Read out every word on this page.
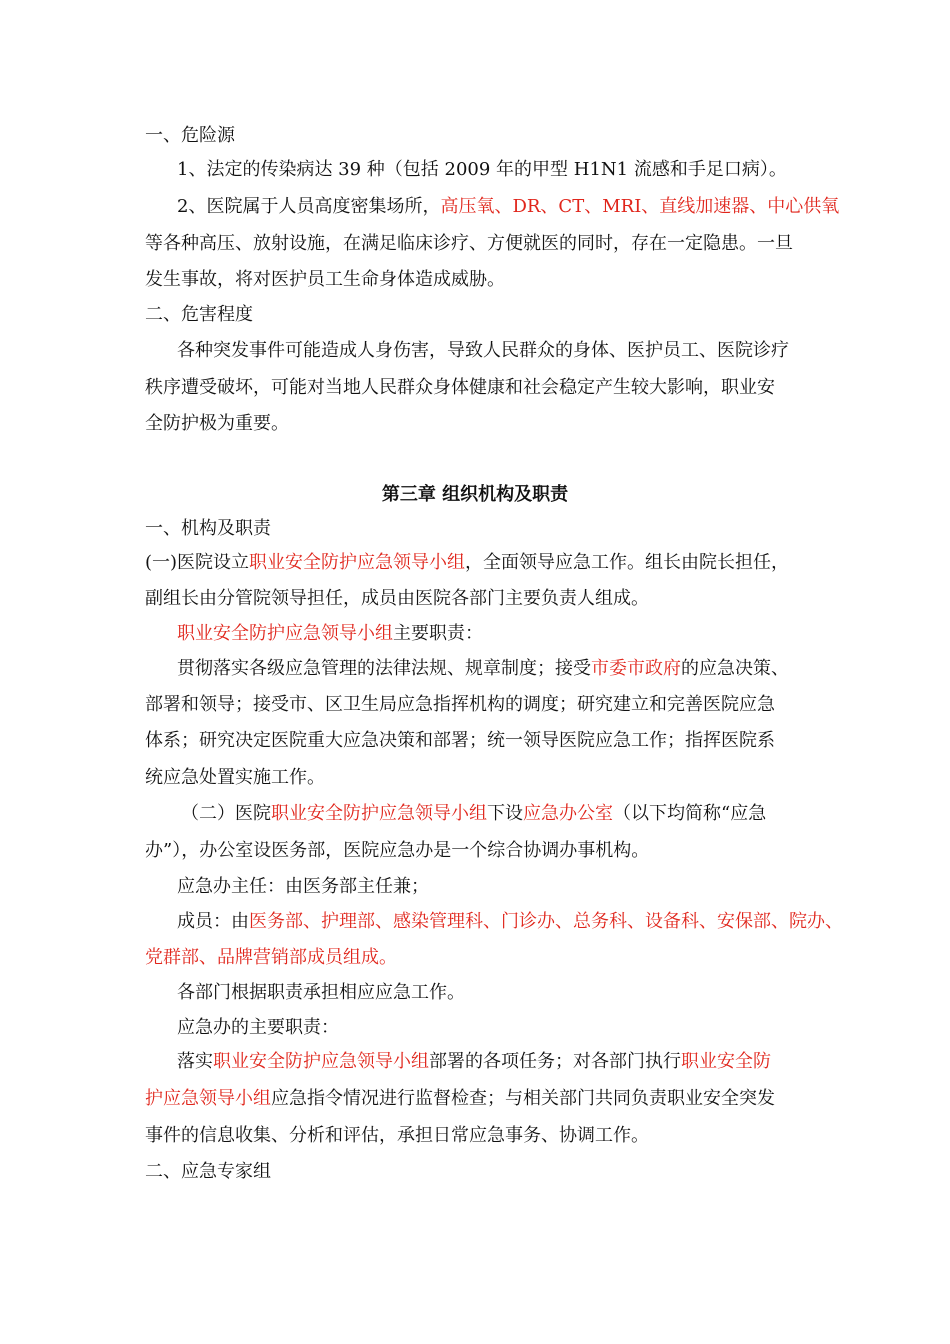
一、危险源
1、法定的传染病达 39 种（包括 2009 年的甲型 H1N1 流感和手足口病）。
2、医院属于人员高度密集场所，高压氧、DR、CT、MRI、直线加速器、中心供氧
等各种高压、放射设施，在满足临床诊疗、方便就医的同时，存在一定隐患。一旦
发生事故，将对医护员工生命身体造成威胁。
二、危害程度
各种突发事件可能造成人身伤害，导致人民群众的身体、医护员工、医院诊疗
秩序遭受破坏，可能对当地人民群众身体健康和社会稳定产生较大影响，职业安
全防护极为重要。
第三章 组织机构及职责
一、机构及职责
(一)医院设立职业安全防护应急领导小组，全面领导应急工作。组长由院长担任，
副组长由分管院领导担任，成员由医院各部门主要负责人组成。
职业安全防护应急领导小组主要职责：
贯彻落实各级应急管理的法律法规、规章制度；接受市委市政府的应急决策、
部署和领导；接受市、区卫生局应急指挥机构的调度；研究建立和完善医院应急
体系；研究决定医院重大应急决策和部署；统一领导医院应急工作；指挥医院系
统应急处置实施工作。
（二）医院职业安全防护应急领导小组下设应急办公室（以下均简称“应急
办”），办公室设医务部，医院应急办是一个综合协调办事机构。
应急办主任：由医务部主任兼；
成员：由医务部、护理部、感染管理科、门诊办、总务科、设备科、安保部、院办、
党群部、品牌营销部成员组成。
各部门根据职责承担相应应急工作。
应急办的主要职责：
落实职业安全防护应急领导小组部署的各项任务；对各部门执行职业安全防
护应急领导小组应急指令情况进行监督检查；与相关部门共同负责职业安全突发
事件的信息收集、分析和评估，承担日常应急事务、协调工作。
二、应急专家组
